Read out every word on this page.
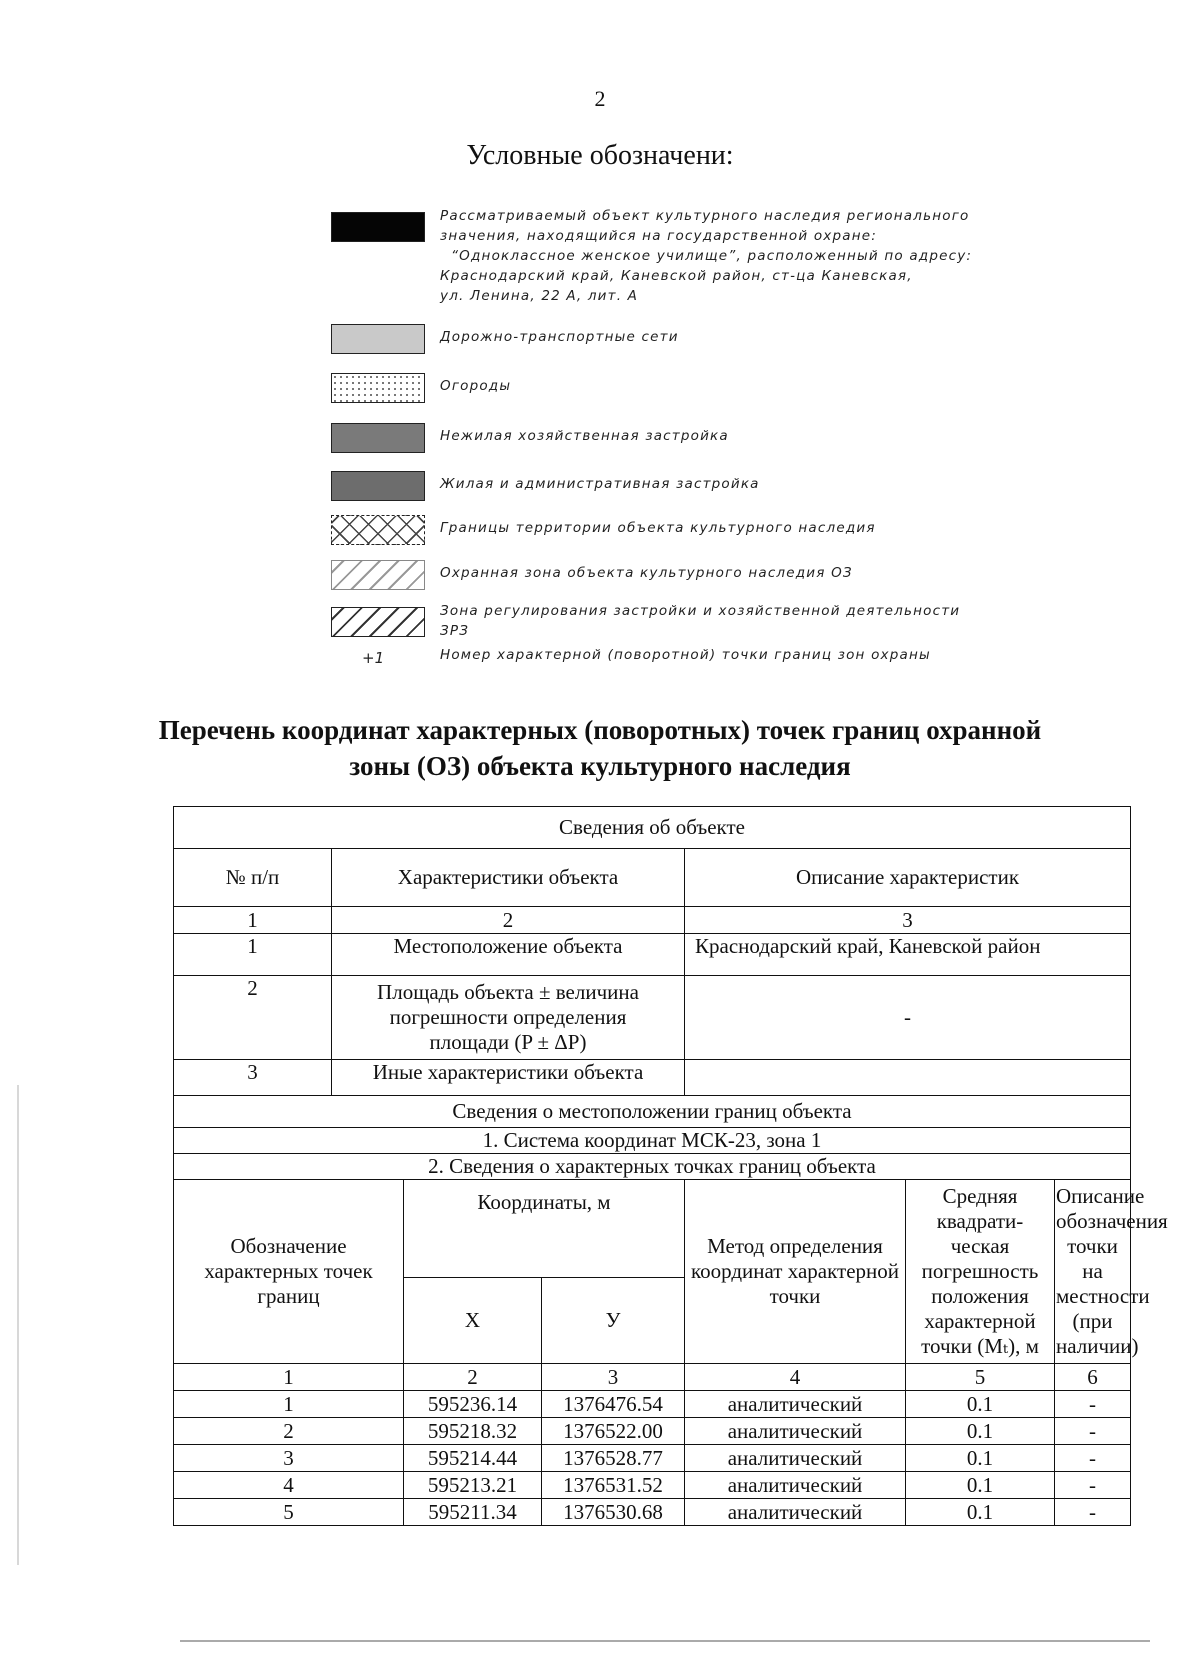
2
Условные обозначени:
Рассматриваемый объект культурного наследия регионального
значения, находящийся на государственной охране:
“Одноклассное женское училище”, расположенный по адресу:
Краснодарский край, Каневской район, ст-ца Каневская,
ул. Ленина, 22 А, лит. А
Дорожно-транспортные сети
Огороды
Нежилая хозяйственная застройка
Жилая и административная застройка
Границы территории объекта культурного наследия
Охранная зона объекта культурного наследия ОЗ
Зона регулирования застройки и хозяйственной деятельности
ЗРЗ
+1	Номер характерной (поворотной) точки границ зон охраны
Перечень координат характерных (поворотных) точек границ охранной
зоны (ОЗ) объекта культурного наследия
Сведения об объекте						
№ п/п	Характеристики объекта			Описание характеристик		
1	2			3		
1	Местоположение объекта			Краснодарский край, Каневской район		
2	Площадь объекта ± величина погрешности определения площади (P ± ΔP)			-		
3	Иные характеристики объекта					
Сведения о местоположении границ объекта						
1. Система координат МСК-23, зона 1						
2. Сведения о характерных точках границ объекта						
Обозначение характерных точек границ		Координаты, м		Метод определения координат характерной точки	Средняя квадрати-ческая погрешность положения характерной точки (Mₜ), м	Описание обозначения точки на местности (при наличии)
		Х	У			
1		2	3	4	5	6
1		595236.14	1376476.54	аналитический	0.1	-
2		595218.32	1376522.00	аналитический	0.1	-
3		595214.44	1376528.77	аналитический	0.1	-
4		595213.21	1376531.52	аналитический	0.1	-
5		595211.34	1376530.68	аналитический	0.1	-
